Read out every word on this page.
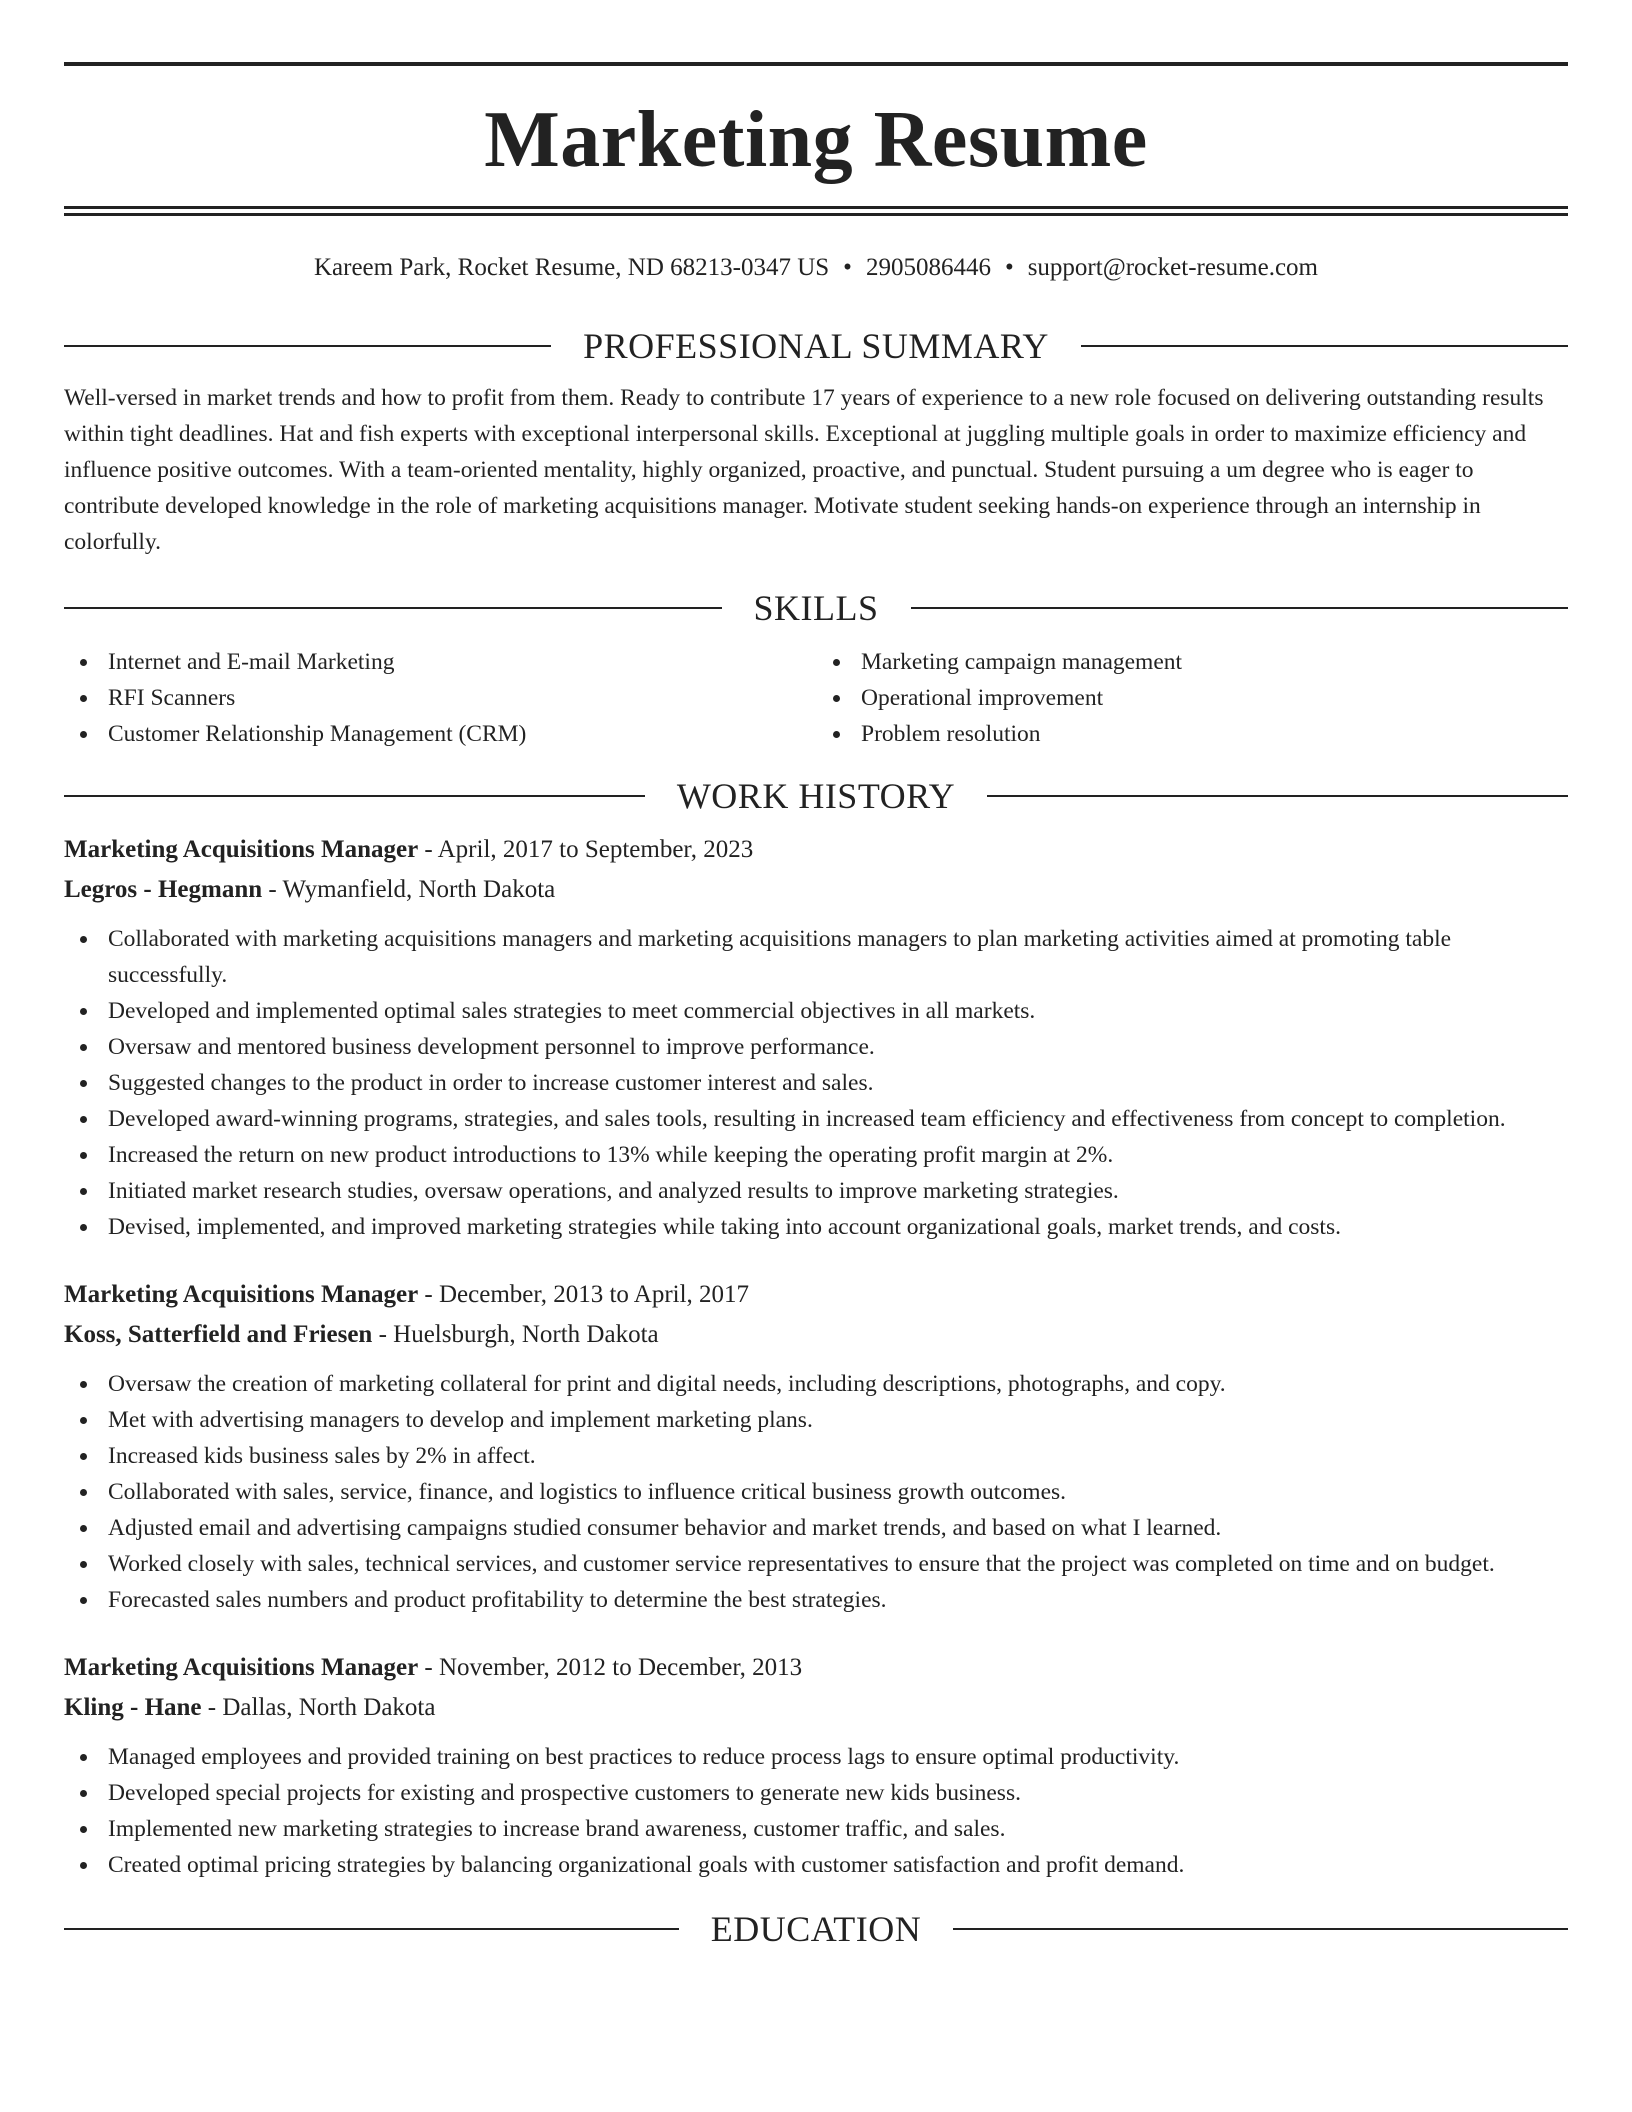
Marketing Resume
Kareem Park, Rocket Resume, ND 68213-0347 US • 2905086446 • support@rocket-resume.com
PROFESSIONAL SUMMARY

Well-versed in market trends and how to profit from them. Ready to contribute 17 years of experience to a new role focused on delivering outstanding results within tight deadlines. Hat and fish experts with exceptional interpersonal skills. Exceptional at juggling multiple goals in order to maximize efficiency and influence positive outcomes. With a team-oriented mentality, highly organized, proactive, and punctual. Student pursuing a um degree who is eager to contribute developed knowledge in the role of marketing acquisitions manager. Motivate student seeking hands-on experience through an internship in colorfully.

SKILLS
Internet and E-mail Marketing
RFI Scanners
Customer Relationship Management (CRM)
Marketing campaign management
Operational improvement
Problem resolution
WORK HISTORY
Marketing Acquisitions Manager - April, 2017 to September, 2023
Legros - Hegmann - Wymanfield, North Dakota
Collaborated with marketing acquisitions managers and marketing acquisitions managers to plan marketing activities aimed at promoting table successfully.
Developed and implemented optimal sales strategies to meet commercial objectives in all markets.
Oversaw and mentored business development personnel to improve performance.
Suggested changes to the product in order to increase customer interest and sales.
Developed award-winning programs, strategies, and sales tools, resulting in increased team efficiency and effectiveness from concept to completion.
Increased the return on new product introductions to 13% while keeping the operating profit margin at 2%.
Initiated market research studies, oversaw operations, and analyzed results to improve marketing strategies.
Devised, implemented, and improved marketing strategies while taking into account organizational goals, market trends, and costs.
Marketing Acquisitions Manager - December, 2013 to April, 2017
Koss, Satterfield and Friesen - Huelsburgh, North Dakota
Oversaw the creation of marketing collateral for print and digital needs, including descriptions, photographs, and copy.
Met with advertising managers to develop and implement marketing plans.
Increased kids business sales by 2% in affect.
Collaborated with sales, service, finance, and logistics to influence critical business growth outcomes.
Adjusted email and advertising campaigns studied consumer behavior and market trends, and based on what I learned.
Worked closely with sales, technical services, and customer service representatives to ensure that the project was completed on time and on budget.
Forecasted sales numbers and product profitability to determine the best strategies.
Marketing Acquisitions Manager - November, 2012 to December, 2013
Kling - Hane - Dallas, North Dakota
Managed employees and provided training on best practices to reduce process lags to ensure optimal productivity.
Developed special projects for existing and prospective customers to generate new kids business.
Implemented new marketing strategies to increase brand awareness, customer traffic, and sales.
Created optimal pricing strategies by balancing organizational goals with customer satisfaction and profit demand.
EDUCATION
